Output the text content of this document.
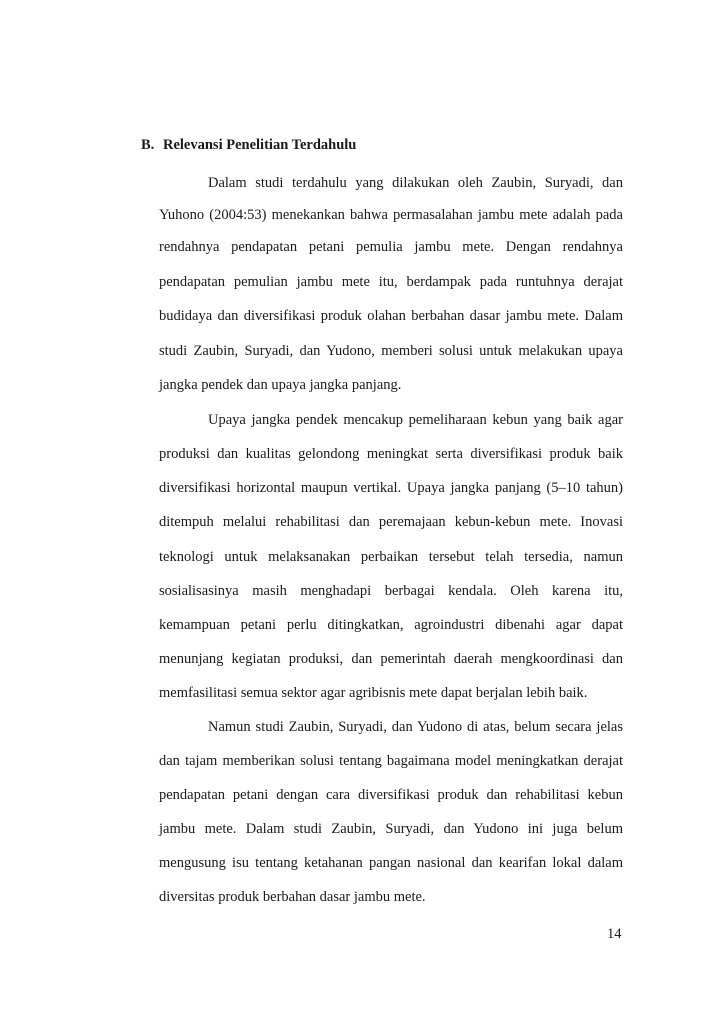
B. Relevansi Penelitian Terdahulu
Dalam studi terdahulu yang dilakukan oleh Zaubin, Suryadi, dan
Yuhono (2004:53) menekankan bahwa permasalahan jambu mete adalah pada
rendahnya pendapatan petani pemulia jambu mete. Dengan rendahnya
pendapatan pemulian jambu mete itu, berdampak pada runtuhnya derajat
budidaya dan diversifikasi produk olahan berbahan dasar jambu mete. Dalam
studi Zaubin, Suryadi, dan Yudono, memberi solusi untuk melakukan upaya
jangka pendek dan upaya jangka panjang.
Upaya jangka pendek mencakup pemeliharaan kebun yang baik agar
produksi dan kualitas gelondong meningkat serta diversifikasi produk baik
diversifikasi horizontal maupun vertikal. Upaya jangka panjang (5–10 tahun)
ditempuh melalui rehabilitasi dan peremajaan kebun-kebun mete. Inovasi
teknologi untuk melaksanakan perbaikan tersebut telah tersedia, namun
sosialisasinya masih menghadapi berbagai kendala. Oleh karena itu,
kemampuan petani perlu ditingkatkan, agroindustri dibenahi agar dapat
menunjang kegiatan produksi, dan pemerintah daerah mengkoordinasi dan
memfasilitasi semua sektor agar agribisnis mete dapat berjalan lebih baik.
Namun studi Zaubin, Suryadi, dan Yudono di atas, belum secara jelas
dan tajam memberikan solusi tentang bagaimana model meningkatkan derajat
pendapatan petani dengan cara diversifikasi produk dan rehabilitasi kebun
jambu mete. Dalam studi Zaubin, Suryadi, dan Yudono ini juga belum
mengusung isu tentang ketahanan pangan nasional dan kearifan lokal dalam
diversitas produk berbahan dasar jambu mete.
14
